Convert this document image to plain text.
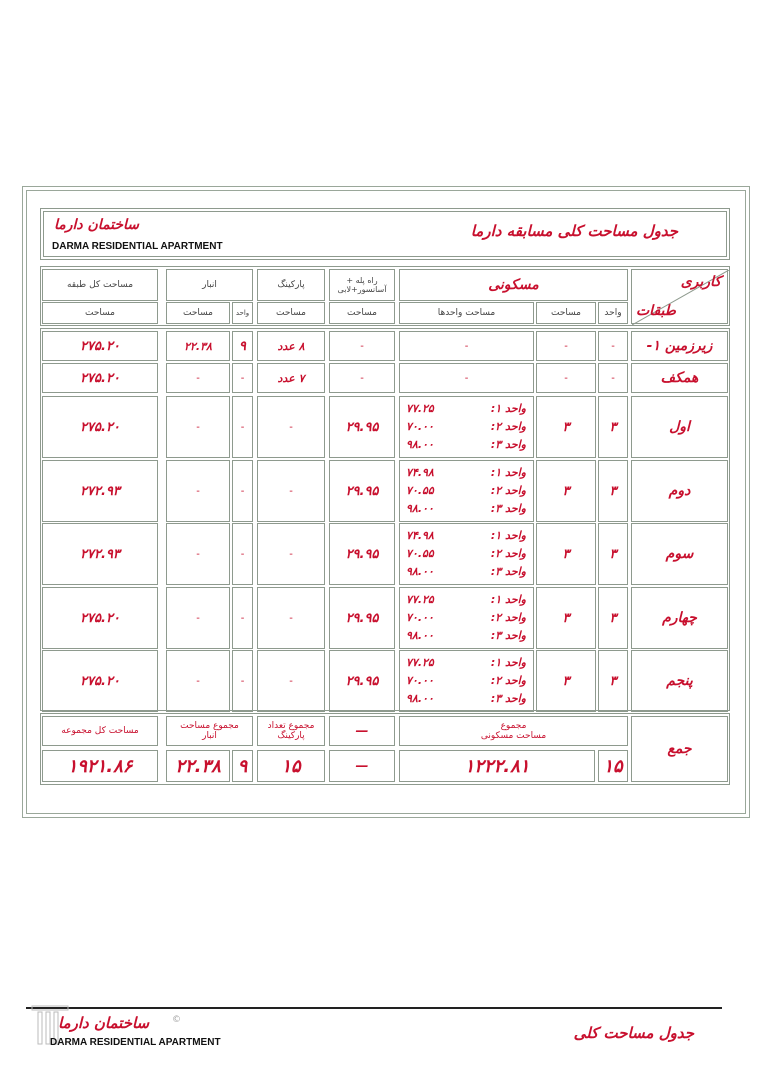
جدول مساحت کلی مسابقه دارما
ساختمان دارما
DARMA RESIDENTIAL APARTMENT
کاربری
طبقات
مسکونی
واحد
مساحت
مساحت واحدها
راه پله + آسانسور+لابی
مساحت
پارکینگ
مساحت
انبار
واحد
مساحت
مساحت کل طبقه
مساحت
زیرزمین ۱-
-
-
-
-
۸ عدد
۹
۲۲.۳۸
۲۷۵.۲۰
همکف
-
-
-
-
۷ عدد
-
-
۲۷۵.۲۰
اول
۳
۳
واحد ۱:
۷۷.۲۵
واحد ۲:
۷۰.۰۰
واحد ۳:
۹۸.۰۰
۲۹.۹۵
-
-
-
۲۷۵.۲۰
دوم
۳
۳
واحد ۱:
۷۴.۹۸
واحد ۲:
۷۰.۵۵
واحد ۳:
۹۸.۰۰
۲۹.۹۵
-
-
-
۲۷۲.۹۳
سوم
۳
۳
واحد ۱:
۷۴.۹۸
واحد ۲:
۷۰.۵۵
واحد ۳:
۹۸.۰۰
۲۹.۹۵
-
-
-
۲۷۲.۹۳
چهارم
۳
۳
واحد ۱:
۷۷.۲۵
واحد ۲:
۷۰.۰۰
واحد ۳:
۹۸.۰۰
۲۹.۹۵
-
-
-
۲۷۵.۲۰
پنجم
۳
۳
واحد ۱:
۷۷.۲۵
واحد ۲:
۷۰.۰۰
واحد ۳:
۹۸.۰۰
۲۹.۹۵
-
-
-
۲۷۵.۲۰
جمع
مجموع
مساحت مسکونی
۱۵
۱۲۲۲.۸۱
—
—
مجموع تعداد
پارکینگ
۱۵
مجموع مساحت
انبار
۹
۲۲.۳۸
مساحت کل مجموعه
۱۹۲۱.۸۶
ساختمان دارما	©
DARMA RESIDENTIAL APARTMENT
جدول مساحت کلی
